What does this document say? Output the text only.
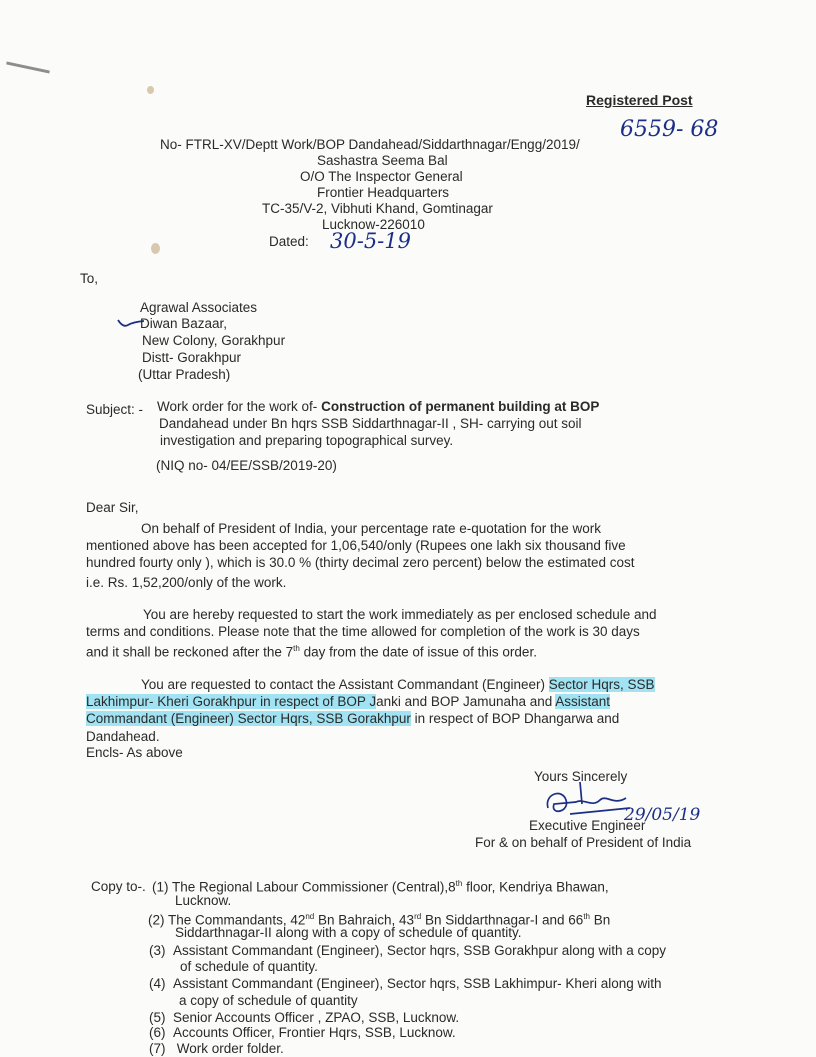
Registered Post
No- FTRL-XV/Deptt Work/BOP Dandahead/Siddarthnagar/Engg/2019/
6559- 68
Sashastra Seema Bal
O/O The Inspector General
Frontier Headquarters
TC-35/V-2, Vibhuti Khand, Gomtinagar
Lucknow-226010
Dated: 30-5-19
To,
Agrawal Associates
Diwan Bazaar,
New Colony, Gorakhpur
Distt- Gorakhpur
(Uttar Pradesh)
Subject: - Work order for the work of- Construction of permanent building at BOP
Dandahead under Bn hqrs SSB Siddarthnagar-II , SH- carrying out soil
investigation and preparing topographical survey.
(NIQ no- 04/EE/SSB/2019-20)
Dear Sir,
On behalf of President of India, your percentage rate e-quotation for the work
mentioned above has been accepted for 1,06,540/only (Rupees one lakh six thousand five
hundred fourty only ), which is 30.0 % (thirty decimal zero percent) below the estimated cost
i.e. Rs. 1,52,200/only of the work.
You are hereby requested to start the work immediately as per enclosed schedule and
terms and conditions. Please note that the time allowed for completion of the work is 30 days
and it shall be reckoned after the 7th day from the date of issue of this order.
You are requested to contact the Assistant Commandant (Engineer) Sector Hqrs, SSB
Lakhimpur- Kheri Gorakhpur in respect of BOP Janki and BOP Jamunaha and Assistant
Commandant (Engineer) Sector Hqrs, SSB Gorakhpur in respect of BOP Dhangarwa and
Dandahead.
Encls- As above
Yours Sincerely
29/05/19
Executive Engineer
For & on behalf of President of India
Copy to-. (1) The Regional Labour Commissioner (Central),8th floor, Kendriya Bhawan,
Lucknow.
(2) The Commandants, 42nd Bn Bahraich, 43rd Bn Siddarthnagar-I and 66th Bn
Siddarthnagar-II along with a copy of schedule of quantity.
(3) Assistant Commandant (Engineer), Sector hqrs, SSB Gorakhpur along with a copy
of schedule of quantity.
(4) Assistant Commandant (Engineer), Sector hqrs, SSB Lakhimpur- Kheri along with
a copy of schedule of quantity
(5) Senior Accounts Officer , ZPAO, SSB, Lucknow.
(6) Accounts Officer, Frontier Hqrs, SSB, Lucknow.
(7) Work order folder.
